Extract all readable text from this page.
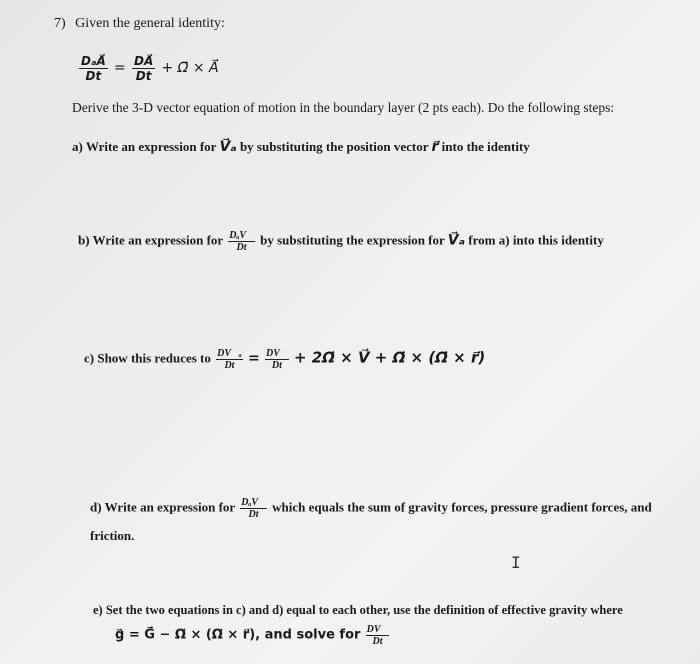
7) Given the general identity:
$\frac{\text{DₐA⃗}}{Dt} = \frac{DA⃗}{Dt}$ + Ω⃗ × A⃗
Derive the 3-D vector equation of motion in the boundary layer (2 pts each). Do the following steps:
a) Write an expression for V⃗ₐ by substituting the position vector r⃗ into the identity
b) Write an expression for $\frac{\text{DₐV⃗}}{Dt}$ by substituting the expression for V⃗ₐ from a) into this identity
c) Show this reduces to $\frac{\text{DV⃗ₐ}}{Dt} = \frac{DV⃗}{Dt}$ + 2Ω⃗ × V⃗ + Ω⃗ × (Ω⃗ × r⃗)
d) Write an expression for $\frac{\text{DₐV⃗}}{Dt}$ which equals the sum of gravity forces, pressure gradient forces, and
friction.
I
e) Set the two equations in c) and d) equal to each other, use the definition of effective gravity where
g⃗ = G⃗ − Ω⃗ × (Ω⃗ × r⃗), and solve for $\frac{DV⃗}{Dt}$
